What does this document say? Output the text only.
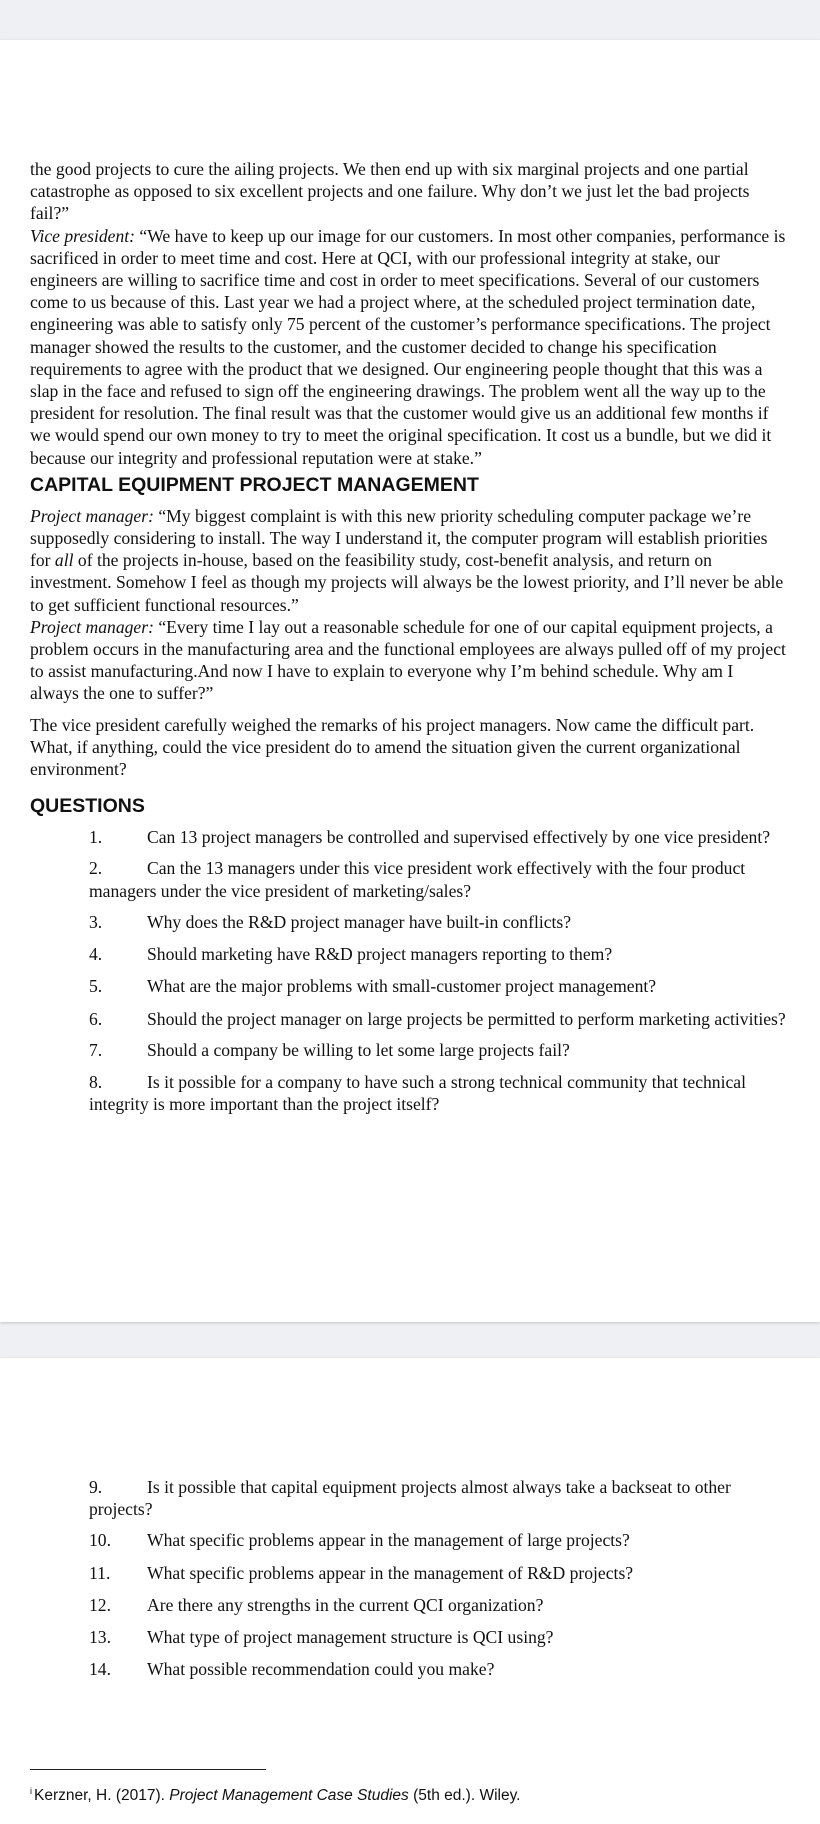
the good projects to cure the ailing projects. We then end up with six marginal projects and one partial catastrophe as opposed to six excellent projects and one failure. Why don’t we just let the bad projects fail?”

Vice president: “We have to keep up our image for our customers. In most other companies, performance is sacrificed in order to meet time and cost. Here at QCI, with our professional integrity at stake, our engineers are willing to sacrifice time and cost in order to meet specifications. Several of our customers come to us because of this. Last year we had a project where, at the scheduled project termination date, engineering was able to satisfy only 75 percent of the customer’s performance specifications. The project manager showed the results to the customer, and the customer decided to change his specification requirements to agree with the product that we designed. Our engineering people thought that this was a slap in the face and refused to sign off the engineering drawings. The problem went all the way up to the president for resolution. The final result was that the customer would give us an additional few months if we would spend our own money to try to meet the original specification. It cost us a bundle, but we did it because our integrity and professional reputation were at stake.”

CAPITAL EQUIPMENT PROJECT MANAGEMENT

Project manager: “My biggest complaint is with this new priority scheduling computer package we’re supposedly considering to install. The way I understand it, the computer program will establish priorities for all of the projects in-house, based on the feasibility study, cost-benefit analysis, and return on investment. Somehow I feel as though my projects will always be the lowest priority, and I’ll never be able to get sufficient functional resources.”

Project manager: “Every time I lay out a reasonable schedule for one of our capital equipment projects, a problem occurs in the manufacturing area and the functional employees are always pulled off of my project to assist manufacturing.And now I have to explain to everyone why I’m behind schedule. Why am I always the one to suffer?”

The vice president carefully weighed the remarks of his project managers. Now came the difficult part. What, if anything, could the vice president do to amend the situation given the current organizational environment?

QUESTIONS

1.	Can 13 project managers be controlled and supervised effectively by one vice president?

2.	Can the 13 managers under this vice president work effectively with the four product managers under the vice president of marketing/sales?

3.	Why does the R&D project manager have built-in conflicts?

4.	Should marketing have R&D project managers reporting to them?

5.	What are the major problems with small-customer project management?

6.	Should the project manager on large projects be permitted to perform marketing activities?

7.	Should a company be willing to let some large projects fail?

8.	Is it possible for a company to have such a strong technical community that technical integrity is more important than the project itself?

9.	Is it possible that capital equipment projects almost always take a backseat to other projects?

10. What specific problems appear in the management of large projects?

11. What specific problems appear in the management of R&D projects?

12. Are there any strengths in the current QCI organization?

13. What type of project management structure is QCI using?

14. What possible recommendation could you make?

$^i$ Kerzner, H. (2017). Project Management Case Studies (5th ed.). Wiley.
